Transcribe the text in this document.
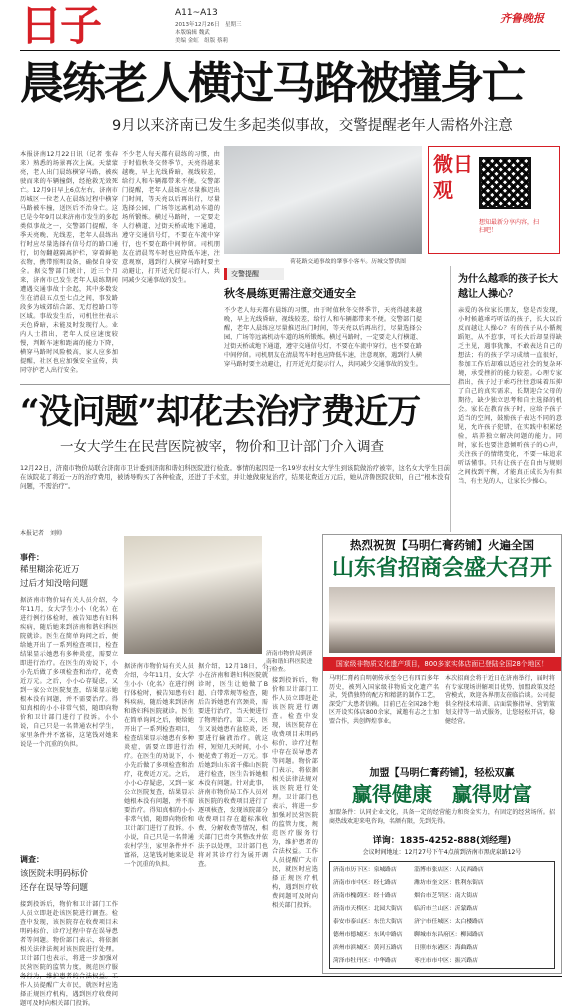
日子	A11~A13
2013年12月26日　星期三
本版编辑 魏武
美编 金虹　组版 蔡莉
齐鲁晚报
晨练老人横过马路被撞身亡
9月以来济南已发生多起类似事故，交警提醒老年人需格外注意
本报济南12月22日讯（记者 张春来）熟悉的场景再次上演。天蒙蒙亮，老人出门晨练横穿马路，被疾驶而来的车辆撞倒，经抢救无效死亡。12月9日早上6点左右，济南市历城区一位老人在晨练过程中横穿马路被车撞，送医后不治身亡。这已是今年9月以来济南市发生的多起类似事故之一，交警部门提醒，冬季天亮晚、光线差，老年人晨练出行时应尽量选择有信号灯的路口通行，切勿翻越隔离护栏，穿着鲜艳衣物，携带照明设备，确保自身安全。据交警部门统计，近三个月来，济南市已发生老年人晨练期间遭遇交通事故十余起，其中多数发生在清晨五点至七点之间，事发路段多为城郊结合部、无灯控路口等区域。事故发生后，司机往往表示天色昏暗，未能及时发现行人。业内人士指出，老年人反应速度较慢，判断车速和距离的能力下降，横穿马路时风险极高，家人应多加提醒，社区也应加强安全宣传，共同守护老人出行安全。
不少老人每天都有晨练的习惯，由于时值秋冬交替季节，天亮得越来越晚，早上光线昏暗，视线较差，给行人和车辆都带来不便。交警部门提醒，老年人晨练应尽量推迟出门时间，等天亮以后再出行，尽量选择公园、广场等远离机动车道的场所锻炼。横过马路时，一定要走人行横道、过街天桥或地下通道，遵守交通信号灯，不要在车流中穿行，也不要在路中间停留。司机朋友在清晨驾车时也应降低车速，注意观察，遇到行人横穿马路时要主动避让，打开近光灯提示行人，共同减少交通事故的发生。
荷花路交通事故的肇事小客车。历城交警供图
微日观
想知最新分享内容，扫扫吧！
交警提醒
秋冬晨练更需注意交通安全
不少老人每天都有晨练的习惯，由于时值秋冬交替季节，天亮得越来越晚，早上光线昏暗，视线较差，给行人和车辆都带来不便。交警部门提醒，老年人晨练应尽量推迟出门时间，等天亮以后再出行，尽量选择公园、广场等远离机动车道的场所锻炼。横过马路时，一定要走人行横道、过街天桥或地下通道，遵守交通信号灯，不要在车流中穿行，也不要在路中间停留。司机朋友在清晨驾车时也应降低车速，注意观察，遇到行人横穿马路时要主动避让，打开近光灯提示行人，共同减少交通事故的发生。
为什么越乖的孩子长大越让人操心？
亲爱的各位家长朋友，您是否发现，小时候越乖巧听话的孩子，长大以后反而越让人操心？有的孩子从小循规蹈矩，从不惹事，可长大后却显得缺乏主见，遇事犹豫，不敢表达自己的想法；有的孩子学习成绩一直很好，参加工作后却难以适应社会的复杂环境，承受挫折的能力较差。心理专家指出，孩子过于乖巧往往意味着压抑了自己的真实需求，长期迎合父母的期待，缺少独立思考和自主选择的机会。家长在教育孩子时，应给予孩子适当的空间，鼓励孩子表达不同的意见，允许孩子犯错，在实践中积累经验，培养独立解决问题的能力。同时，家长也要注意倾听孩子的心声，关注孩子的情绪变化，不要一味追求听话懂事。只有让孩子在自由与规则之间找到平衡，才能真正成长为有担当、有主见的人，让家长少操心。
“没问题”却花去治疗费近万
一女大学生在民营医院被宰，物价和卫计部门介入调查
12月22日，济南市物价局联合济南市卫计委到济南和谐妇科医院进行检查。事情的起因是一名19岁农村女大学生到该院做治疗被宰，这名女大学生目前在该院花了将近一万的治疗费用，被诱导购买了各种检查，还进了手术室，并让她做康复治疗，结果花费近万元后，她从济鲁医院获知，自己“根本没有问题，不需治疗”。
本报记者　刘帅
事件：
稀里糊涂花近万
过后才知没啥问题
据济南市物价局有关人员介绍，今年11月，女大学生小小（化名）在进行例行体检时，被告知患有妇科疾病，随后她来到济南和谐妇科医院就诊。医生在简单询问之后，便给她开出了一系列检查项目，检查结果显示她患有多种炎症，需要立即进行治疗。在医生的劝说下，小小先后做了多项检查和治疗，花费近万元。之后，小小心存疑虑，又到一家公立医院复查，结果显示她根本没有问题，并不需要治疗。得知真相的小小非常气愤，随即向物价和卫计部门进行了投诉。小小说，自己只是一名普通农村学生，家里条件并不富裕，这笔钱对她来说是一个沉重的负担。
调查：
该医院未明码标价
还存在误导等问题
接到投诉后，物价和卫计部门工作人员立即赶赴该医院进行调查。检查中发现，该医院存在收费项目未明码标价、诊疗过程中存在误导患者等问题。物价部门表示，将依据相关法律法规对该医院进行处理。卫计部门也表示，将进一步加强对民营医院的监管力度，规范医疗服 作人员提醒广大市民，就医时应选择正规医疗机构，遇到医疗收费问题可及时向相关部门投诉。
济南市物价局到济南和谐妇科医院进行检查。
据济南市物价局有关人员介绍，今年11月，女大学生小小（化名）在进行例行体检时，被告知患有妇科疾病，随后她来到济南和谐妇科医院就诊。医生在简单询问之后，便给她开出了一系列检查项目，检查结果显示她患有多种炎症，需要立即进行治疗。在医生的劝说下，小小先后做了多项检查和治疗，花费近万元。之后，小小心存疑虑，又到一家公立医院复查，结果显示她根本没有问题，并不需要治疗。得知真相的小小非常气愤，随即向物价和卫计部门进行了投诉。小小说，自己只是一名普通农村学生，家里条件并不富裕，这笔钱对她来说是一个沉重的负担。
据介绍，12月18日，小小在济南和谐妇科医院就诊时，医生让她做了B超、白带常规等检查，随后告诉她患有宫颈炎，需要进行治疗，当天便进行了物理治疗。第二天，医生又说她患有盆腔炎，还要进行输液治疗。就这样，短短几天时间，小小便花费了将近一万元。事后她到山东省千佛山医院进行检查，医生告诉她根本没有问题。针对此事，济南市物价局工作人员对该医院的收费项目进行了逐项核查，发现该院部分收费项目存在超标准收费、分解收费等情况，相关部门已责令其整改并依法予以处理，卫计部门也将对其诊疗行为展开调查。
接到投诉后，物价和卫计部门工作人员立即赶赴该医院进行调查。检查中发现，该医院存在收费项目未明码标价、诊疗过程中存在误导患者等问题。物价部门表示，将依据相关法律法规对该医院进行处理。卫计部门也表示，将进一步加强对民营医院的监管力度，规范医疗服务行为，维护患者的合法权益。工作人员提醒广大市民，就医时应选择正规医疗机构，遇到医疗收费问题可及时向相关部门投诉。
热烈祝贺【马明仁膏药铺】火遍全国
山东省招商会盛大召开
国家级非物质文化遗产项目，800多家实体店面已登陆全国28个地区！
马明仁膏药自明朝传承至今已有四百多年历史，被列入国家级非物质文化遗产名录，凭借独特的配方和精湛的制作工艺，深受广大患者信赖。目前已在全国28个地区开设实体店800余家，诚邀有志之士加盟合作，共创辉煌事业。
本次招商会将于近日在济南举行，届时将有专家现场讲解项目优势、加盟政策及经营模式，欢迎各界朋友莅临洽谈。公司提供全程技术培训、店面装修指导、营销策划支持等一站式服务，让您轻松开店，稳健经营。
加盟【马明仁膏药铺】，轻松双赢
赢得健康　赢得财富
加盟条件：认同企业文化，具备一定的经营能力和资金实力，有固定的经营场所。招商热线欢迎来电咨询，名额有限，先到先得。
详询：1835-4252-888(刘经理)
会议时间地址：12月27号下午4点前到济南市黑虎泉路12号
济南市历下区：泉城路店　　　淄博市张店区：人民西路店
济南市市中区：经七路店　　　潍坊市奎文区：胜利东街店
济南市槐荫区：经十路店　　　烟台市芝罘区：南大街店
济南市天桥区：北园大街店　　临沂市兰山区：沂蒙路店
泰安市泰山区：东岳大街店　　济宁市任城区：太白楼路店
德州市德城区：东风中路店　　聊城市东昌府区：柳园路店
滨州市滨城区：黄河五路店　　日照市东港区：海曲路店
菏泽市牡丹区：中华路店　　　枣庄市市中区：振兴路店
